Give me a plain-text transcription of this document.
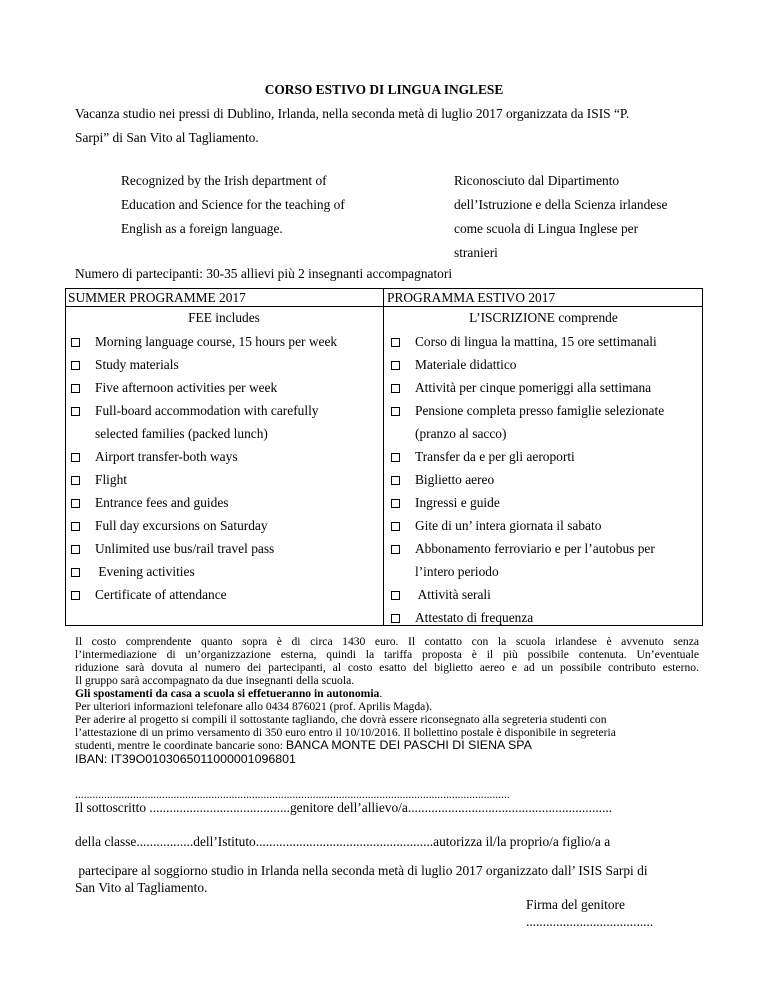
CORSO ESTIVO DI LINGUA INGLESE
Vacanza studio nei pressi di Dublino, Irlanda, nella seconda metà di luglio 2017 organizzata da ISIS “P.
Sarpi” di San Vito al Tagliamento.
Recognized by the Irish department of
Education and Science for the teaching of
English as a foreign language.
Riconosciuto dal Dipartimento
dell’Istruzione e della Scienza irlandese
come scuola di Lingua Inglese per
stranieri
Numero di partecipanti: 30-35 allievi più 2 insegnanti accompagnatori
SUMMER PROGRAMME 2017	PROGRAMMA ESTIVO 2017
FEE includes	L’ISCRIZIONE comprende
Morning language course, 15 hours per week
Study materials
Five afternoon activities per week
Full-board accommodation with carefully
selected families (packed lunch)
Airport transfer-both ways
Flight
Entrance fees and guides
Full day excursions on Saturday
Unlimited use bus/rail travel pass
Evening activities
Certificate of attendance
Corso di lingua la mattina, 15 ore settimanali
Materiale didattico
Attività per cinque pomeriggi alla settimana
Pensione completa presso famiglie selezionate
(pranzo al sacco)
Transfer da e per gli aeroporti
Biglietto aereo
Ingressi e guide
Gite di un’ intera giornata il sabato
Abbonamento ferroviario e per l’autobus per
l’intero periodo
Attività serali
Attestato di frequenza
Il costo comprendente quanto sopra è di circa 1430 euro. Il contatto con la scuola irlandese è avvenuto senza
l’intermediazione di un’organizzazione esterna, quindi la tariffa proposta è il più possibile contenuta. Un’eventuale
riduzione sarà dovuta al numero dei partecipanti, al costo esatto del biglietto aereo e ad un possibile contributo esterno.
Il gruppo sarà accompagnato da due insegnanti della scuola.
Gli spostamenti da casa a scuola si effetueranno in autonomia.
Per ulteriori informazioni telefonare allo 0434 876021 (prof. Aprilis Magda).
Per aderire al progetto si compili il sottostante tagliando, che dovrà essere riconsegnato alla segreteria studenti con
l’attestazione di un primo versamento di 350 euro entro il 10/10/2016. Il bollettino postale è disponibile in segreteria
studenti, mentre le coordinate bancarie sono: BANCA MONTE DEI PASCHI DI SIENA SPA
IBAN: IT39O0103065011000001096801
......................................................................................................................................................
Il sottoscritto ..........................................genitore dell’allievo/a.............................................................
della classe.................dell’Istituto.....................................................autorizza il/la proprio/a figlio/a a
partecipare al soggiorno studio in Irlanda nella seconda metà di luglio 2017 organizzato dall’ ISIS Sarpi di
San Vito al Tagliamento.
Firma del genitore
......................................
